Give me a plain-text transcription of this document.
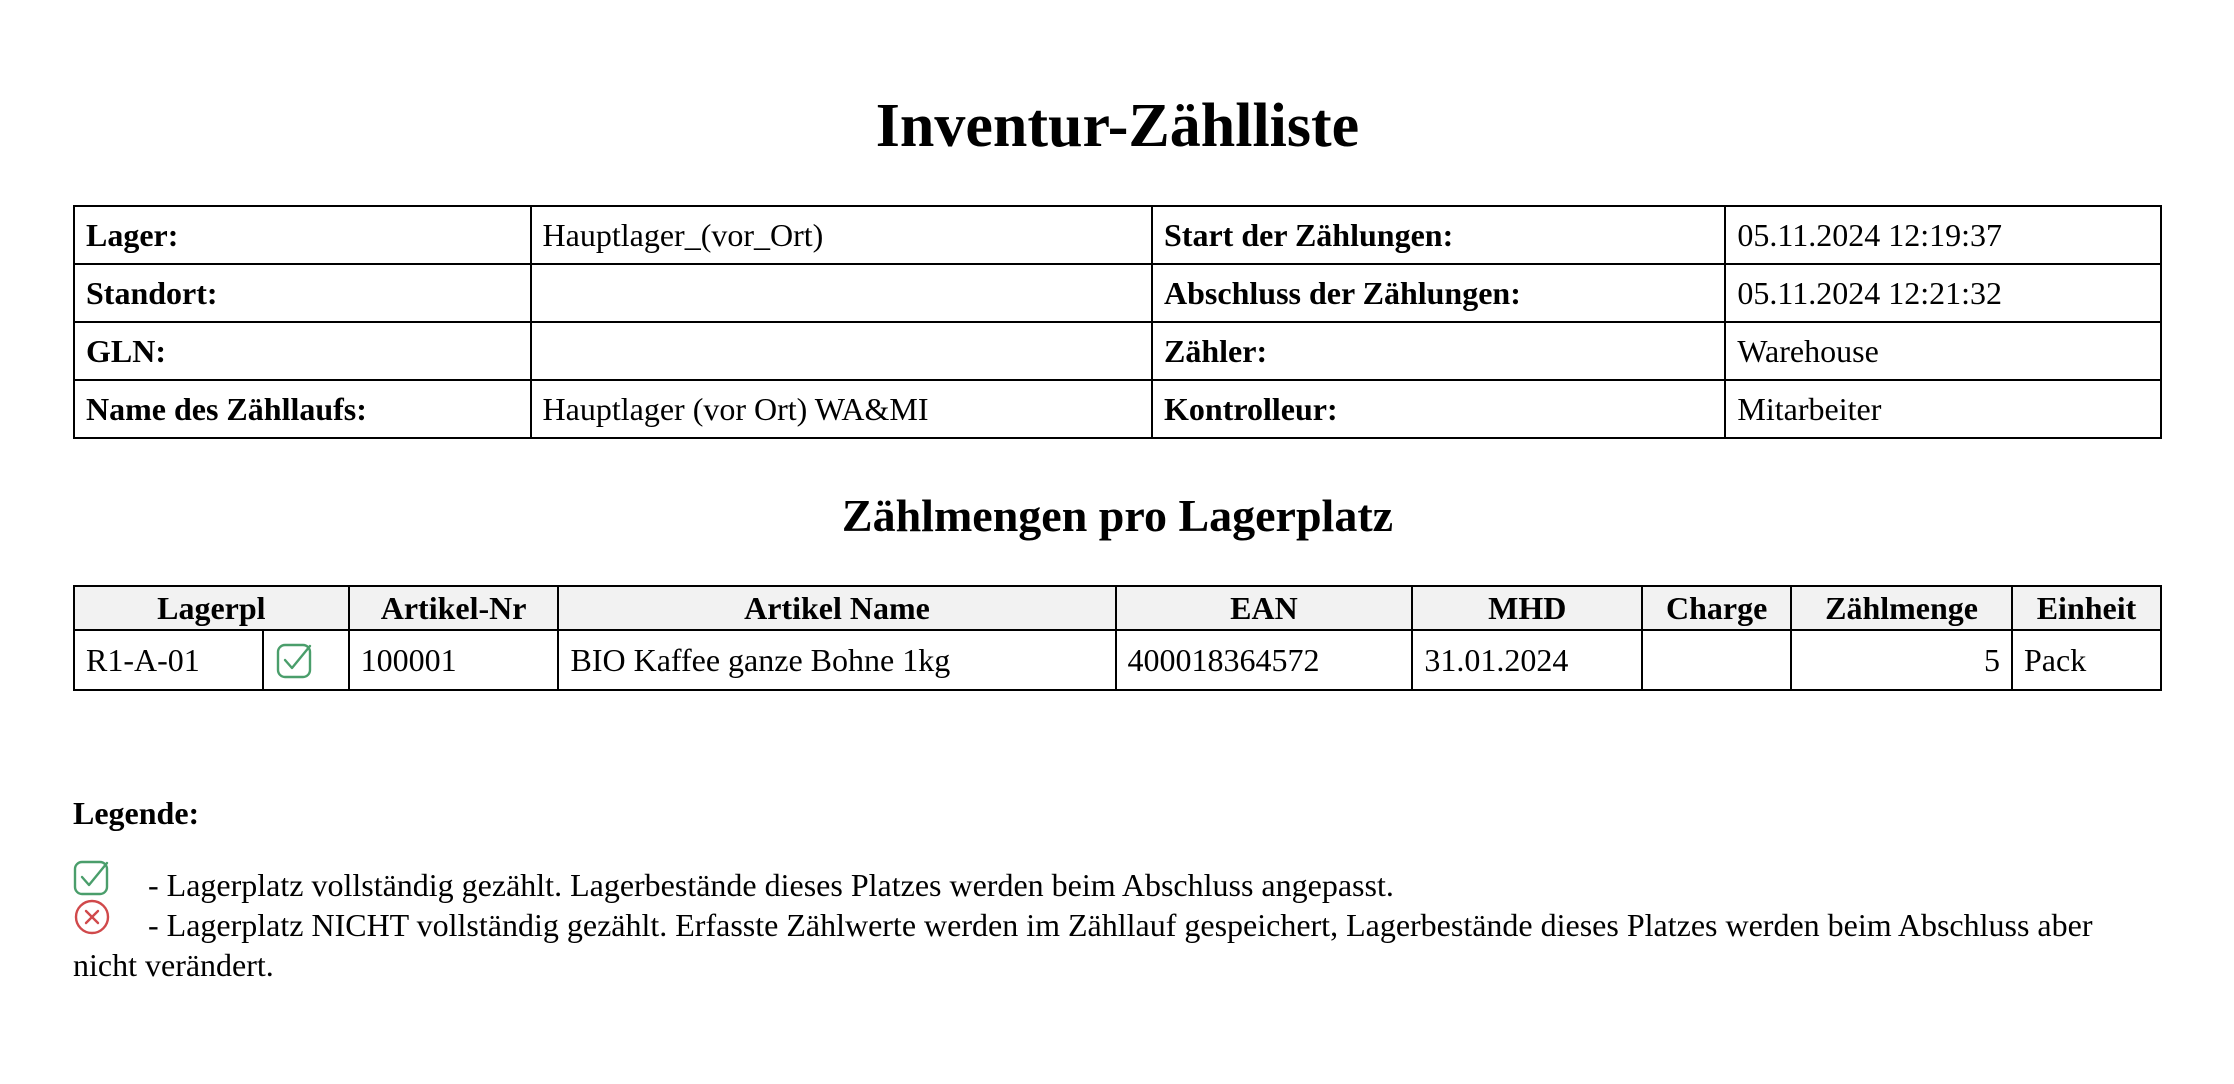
Inventur-Zählliste
Lager:	Hauptlager_(vor_Ort)	Start der Zählungen:	05.11.2024 12:19:37
Standort:		Abschluss der Zählungen:	05.11.2024 12:21:32
GLN:		Zähler:	Warehouse
Name des Zähllaufs:	Hauptlager (vor Ort) WA&MI	Kontrolleur:	Mitarbeiter
Zählmengen pro Lagerplatz
Lagerpl		Artikel-Nr	Artikel Name	EAN	MHD	Charge	Zählmenge	Einheit
R1-A-01		100001	BIO Kaffee ganze Bohne 1kg	400018364572	31.01.2024		5	Pack
Legende:
- Lagerplatz vollständig gezählt. Lagerbestände dieses Platzes werden beim Abschluss angepasst.
- Lagerplatz NICHT vollständig gezählt. Erfasste Zählwerte werden im Zähllauf gespeichert, Lagerbestände dieses Platzes werden beim Abschluss aber nicht verändert.
